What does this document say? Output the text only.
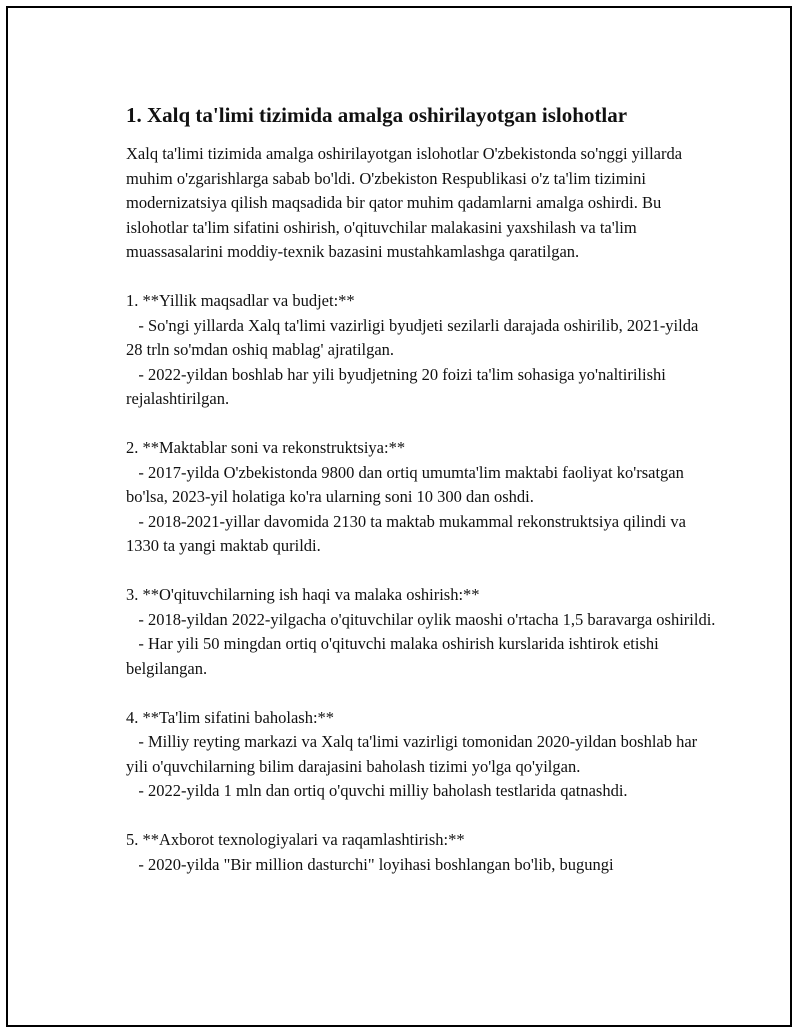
1. Xalq ta'limi tizimida amalga oshirilayotgan islohotlar

Xalq ta'limi tizimida amalga oshirilayotgan islohotlar O'zbekistonda so'nggi yillarda muhim o'zgarishlarga sabab bo'ldi. O'zbekiston Respublikasi o'z ta'lim tizimini modernizatsiya qilish maqsadida bir qator muhim qadamlarni amalga oshirdi. Bu islohotlar ta'lim sifatini oshirish, o'qituvchilar malakasini yaxshilash va ta'lim muassasalarini moddiy-texnik bazasini mustahkamlashga qaratilgan.

1. **Yillik maqsadlar va budjet:**

- So'ngi yillarda Xalq ta'limi vazirligi byudjeti sezilarli darajada oshirilib, 2021-yilda 28 trln so'mdan oshiq mablag' ajratilgan.

- 2022-yildan boshlab har yili byudjetning 20 foizi ta'lim sohasiga yo'naltirilishi rejalashtirilgan.

2. **Maktablar soni va rekonstruktsiya:**

- 2017-yilda O'zbekistonda 9800 dan ortiq umumta'lim maktabi faoliyat ko'rsatgan bo'lsa, 2023-yil holatiga ko'ra ularning soni 10 300 dan oshdi.

- 2018-2021-yillar davomida 2130 ta maktab mukammal rekonstruktsiya qilindi va 1330 ta yangi maktab qurildi.

3. **O'qituvchilarning ish haqi va malaka oshirish:**

- 2018-yildan 2022-yilgacha o'qituvchilar oylik maoshi o'rtacha 1,5 baravarga oshirildi.

- Har yili 50 mingdan ortiq o'qituvchi malaka oshirish kurslarida ishtirok etishi belgilangan.

4. **Ta'lim sifatini baholash:**

- Milliy reyting markazi va Xalq ta'limi vazirligi tomonidan 2020-yildan boshlab har yili o'quvchilarning bilim darajasini baholash tizimi yo'lga qo'yilgan.

- 2022-yilda 1 mln dan ortiq o'quvchi milliy baholash testlarida qatnashdi.

5. **Axborot texnologiyalari va raqamlashtirish:**

- 2020-yilda "Bir million dasturchi" loyihasi boshlangan bo'lib, bugungi
